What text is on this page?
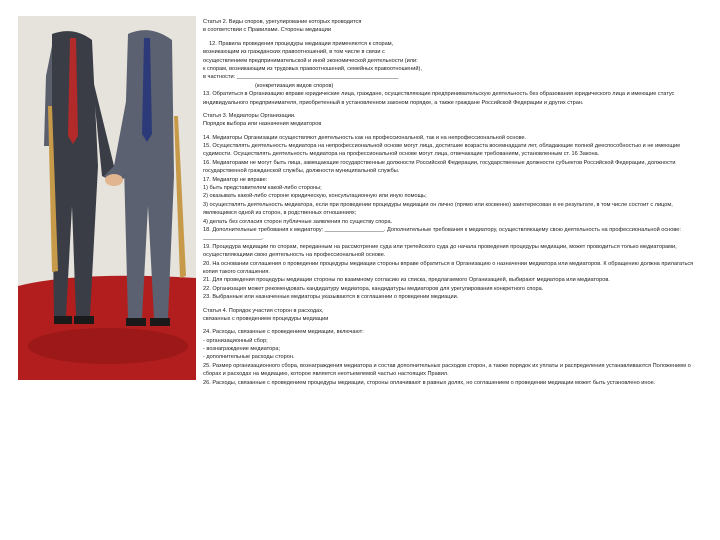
Статья 2. Виды споров, урегулирование которых проводится

в соответствии с Правилами. Стороны медиации

12. Правила проведения процедуры медиации применяются к спорам,

возникающим из гражданских правоотношений, в том числе в связи с

осуществлением предпринимательской и иной экономической деятельности (или:

к спорам, возникающим из трудовых правоотношений, семейных правоотношений),

в частности: ____________________________________________________

(конкретизация видов споров)

13. Обратиться в Организацию вправе юридические лица, граждане, осуществляющие предпринимательскую деятельность без образования юридического лица и имеющие статус индивидуального предпринимателя, приобретенный в установленном законом порядке, а также граждане Российской Федерации и других стран.

Статья 3. Медиаторы Организации.

Порядок выбора или назначения медиаторов

14. Медиаторы Организации осуществляют деятельность как на профессиональной, так и на непрофессиональной основе.

15. Осуществлять деятельность медиатора на непрофессиональной основе могут лица, достигшие возраста восемнадцати лет, обладающие полной дееспособностью и не имеющие судимости. Осуществлять деятельность медиатора на профессиональной основе могут лица, отвечающие требованиям, установленным ст. 16 Закона.

16. Медиаторами не могут быть лица, замещающие государственные должности Российской Федерации, государственные должности субъектов Российской Федерации, должности государственной гражданской службы, должности муниципальной службы.

17. Медиатор не вправе:

1) быть представителем какой-либо стороны;

2) оказывать какой-либо стороне юридическую, консультационную или иную помощь;

3) осуществлять деятельность медиатора, если при проведении процедуры медиации он лично (прямо или косвенно) заинтересован в ее результате, в том числе состоит с лицом, являющимся одной из сторон, в родственных отношениях;

4) делать без согласия сторон публичные заявления по существу спора.

18. Дополнительные требования к медиатору: ___________________. Дополнительные требования к медиатору, осуществляющему свою деятельность на профессиональной основе: ___________________.

19. Процедура медиации по спорам, переданным на рассмотрение суда или третейского суда до начала проведения процедуры медиации, может проводиться только медиаторами, осуществляющими свою деятельность на профессиональной основе.

20. На основании соглашения о проведении процедуры медиации стороны вправе обратиться в Организацию о назначении медиатора или медиаторов. К обращению должна прилагаться копия такого соглашения.

21. Для проведения процедуры медиации стороны по взаимному согласию из списка, предлагаемого Организацией, выбирают медиатора или медиаторов.

22. Организация может рекомендовать кандидатуру медиатора, кандидатуры медиаторов для урегулирования конкретного спора.

23. Выбранные или назначенные медиаторы указываются в соглашении о проведении медиации.

Статья 4. Порядок участия сторон в расходах,

связанных с проведением процедуры медиации

24. Расходы, связанные с проведением медиации, включают:

- организационный сбор;

- вознаграждение медиатора;

- дополнительные расходы сторон.

25. Размер организационного сбора, вознаграждения медиатора и состав дополнительных расходов сторон, а также порядок их уплаты и распределения устанавливаются Положением о сборах и расходах на медиацию, которое является неотъемлемой частью настоящих Правил.

26. Расходы, связанные с проведением процедуры медиации, стороны оплачивают в равных долях, но соглашением о проведении медиации может быть установлено иное.
